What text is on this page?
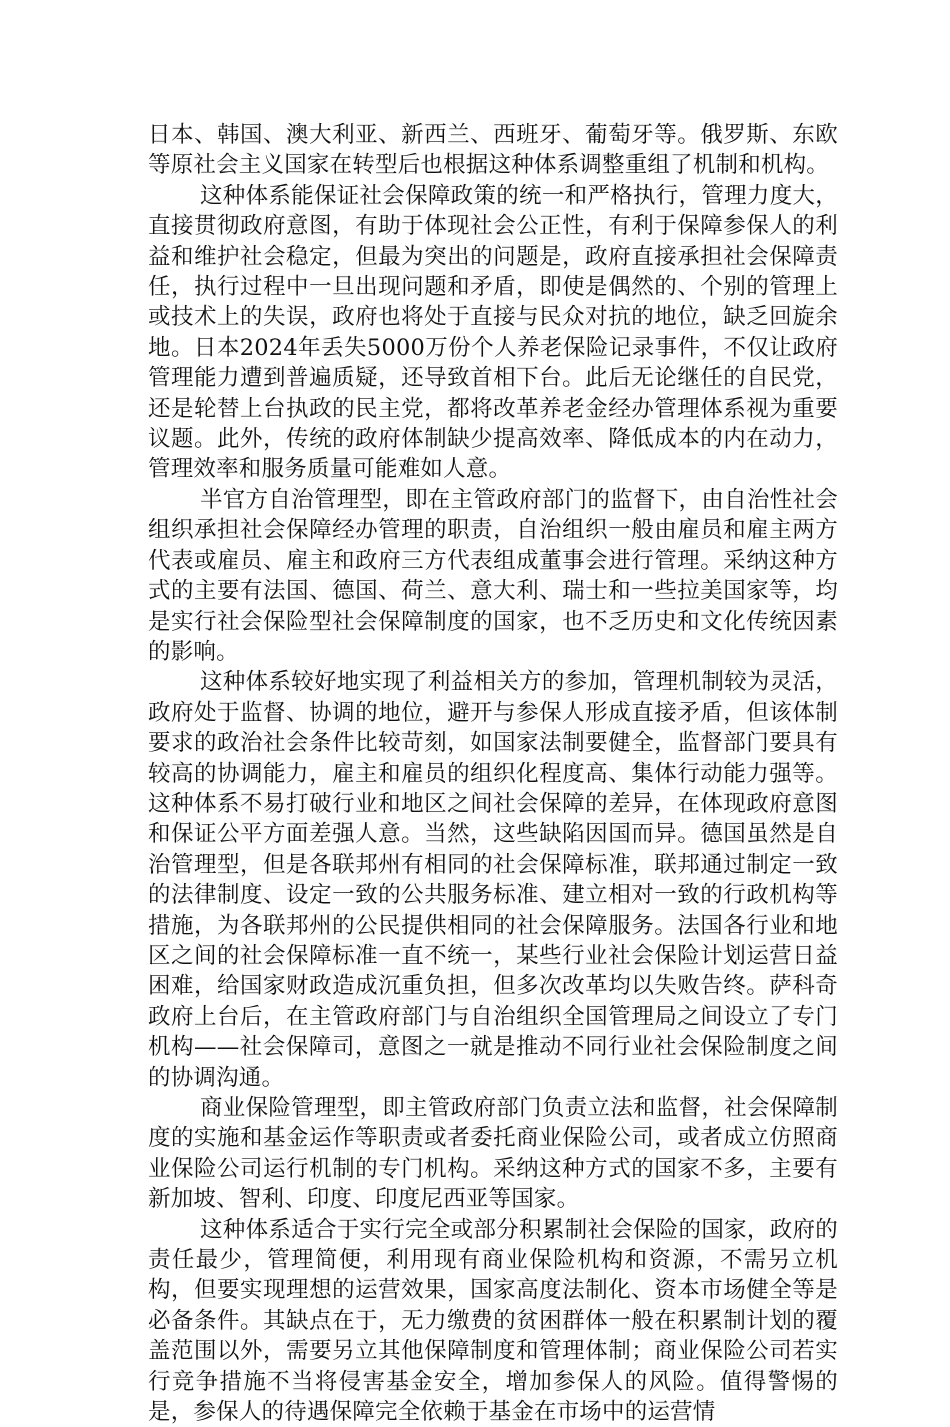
日本、韩国、澳大利亚、新西兰、西班牙、葡萄牙等。俄罗斯、东欧等原社会主义国家在转型后也根据这种体系调整重组了机制和机构。

这种体系能保证社会保障政策的统一和严格执行，管理力度大，直接贯彻政府意图，有助于体现社会公正性，有利于保障参保人的利益和维护社会稳定，但最为突出的问题是，政府直接承担社会保障责任，执行过程中一旦出现问题和矛盾，即使是偶然的、个别的管理上或技术上的失误，政府也将处于直接与民众对抗的地位，缺乏回旋余地。日本2024年丢失5000万份个人养老保险记录事件，不仅让政府管理能力遭到普遍质疑，还导致首相下台。此后无论继任的自民党，还是轮替上台执政的民主党，都将改革养老金经办管理体系视为重要议题。此外，传统的政府体制缺少提高效率、降低成本的内在动力，管理效率和服务质量可能难如人意。

半官方自治管理型，即在主管政府部门的监督下，由自治性社会组织承担社会保障经办管理的职责，自治组织一般由雇员和雇主两方代表或雇员、雇主和政府三方代表组成董事会进行管理。采纳这种方式的主要有法国、德国、荷兰、意大利、瑞士和一些拉美国家等，均是实行社会保险型社会保障制度的国家，也不乏历史和文化传统因素的影响。

这种体系较好地实现了利益相关方的参加，管理机制较为灵活，政府处于监督、协调的地位，避开与参保人形成直接矛盾，但该体制要求的政治社会条件比较苛刻，如国家法制要健全，监督部门要具有较高的协调能力，雇主和雇员的组织化程度高、集体行动能力强等。这种体系不易打破行业和地区之间社会保障的差异，在体现政府意图和保证公平方面差强人意。当然，这些缺陷因国而异。德国虽然是自治管理型，但是各联邦州有相同的社会保障标准，联邦通过制定一致的法律制度、设定一致的公共服务标准、建立相对一致的行政机构等措施，为各联邦州的公民提供相同的社会保障服务。法国各行业和地区之间的社会保障标准一直不统一，某些行业社会保险计划运营日益困难，给国家财政造成沉重负担，但多次改革均以失败告终。萨科奇政府上台后，在主管政府部门与自治组织全国管理局之间设立了专门机构——社会保障司，意图之一就是推动不同行业社会保险制度之间的协调沟通。

商业保险管理型，即主管政府部门负责立法和监督，社会保障制度的实施和基金运作等职责或者委托商业保险公司，或者成立仿照商业保险公司运行机制的专门机构。采纳这种方式的国家不多，主要有新加坡、智利、印度、印度尼西亚等国家。

这种体系适合于实行完全或部分积累制社会保险的国家，政府的责任最少，管理简便，利用现有商业保险机构和资源，不需另立机构，但要实现理想的运营效果，国家高度法制化、资本市场健全等是必备条件。其缺点在于，无力缴费的贫困群体一般在积累制计划的覆盖范围以外，需要另立其他保障制度和管理体制；商业保险公司若实行竞争措施不当将侵害基金安全，增加参保人的风险。值得警惕的是，参保人的待遇保障完全依赖于基金在市场中的运营情
